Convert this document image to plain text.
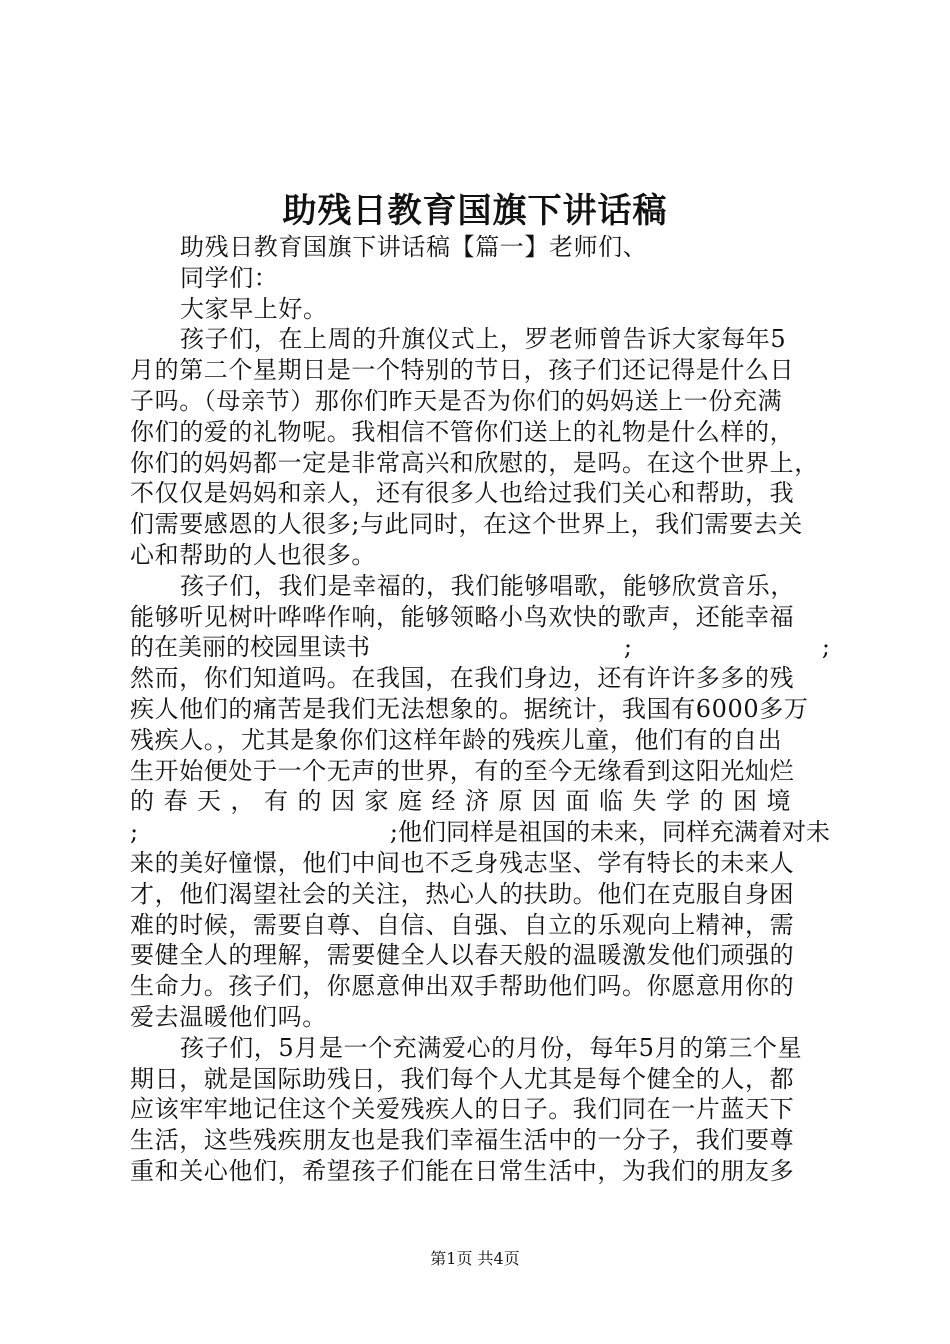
助残日教育国旗下讲话稿
助残日教育国旗下讲话稿【篇一】老师们、
同学们：
大家早上好。
孩子们，在上周的升旗仪式上，罗老师曾告诉大家每年5
月的第二个星期日是一个特别的节日，孩子们还记得是什么日
子吗。（母亲节）那你们昨天是否为你们的妈妈送上一份充满
你们的爱的礼物呢。我相信不管你们送上的礼物是什么样的，
你们的妈妈都一定是非常高兴和欣慰的，是吗。在这个世界上，
不仅仅是妈妈和亲人，还有很多人也给过我们关心和帮助，我
们需要感恩的人很多;与此同时，在这个世界上，我们需要去关
心和帮助的人也很多。
孩子们，我们是幸福的，我们能够唱歌，能够欣赏音乐，
能够听见树叶哗哗作响，能够领略小鸟欢快的歌声，还能幸福
的在美丽的校园里读书	;	;
然而，你们知道吗。在我国，在我们身边，还有许许多多的残
疾人他们的痛苦是我们无法想象的。据统计，我国有6000多万
残疾人。，尤其是象你们这样年龄的残疾儿童，他们有的自出
生开始便处于一个无声的世界，有的至今无缘看到这阳光灿烂
的春天，有的因家庭经济原因面临失学的困境
;	;他们同样是祖国的未来，同样充满着对未
来的美好憧憬，他们中间也不乏身残志坚、学有特长的未来人
才，他们渴望社会的关注，热心人的扶助。他们在克服自身困
难的时候，需要自尊、自信、自强、自立的乐观向上精神，需
要健全人的理解，需要健全人以春天般的温暖激发他们顽强的
生命力。孩子们，你愿意伸出双手帮助他们吗。你愿意用你的
爱去温暖他们吗。
孩子们，5月是一个充满爱心的月份，每年5月的第三个星
期日，就是国际助残日，我们每个人尤其是每个健全的人，都
应该牢牢地记住这个关爱残疾人的日子。我们同在一片蓝天下
生活，这些残疾朋友也是我们幸福生活中的一分子，我们要尊
重和关心他们，希望孩子们能在日常生活中，为我们的朋友多
第1页 共4页
